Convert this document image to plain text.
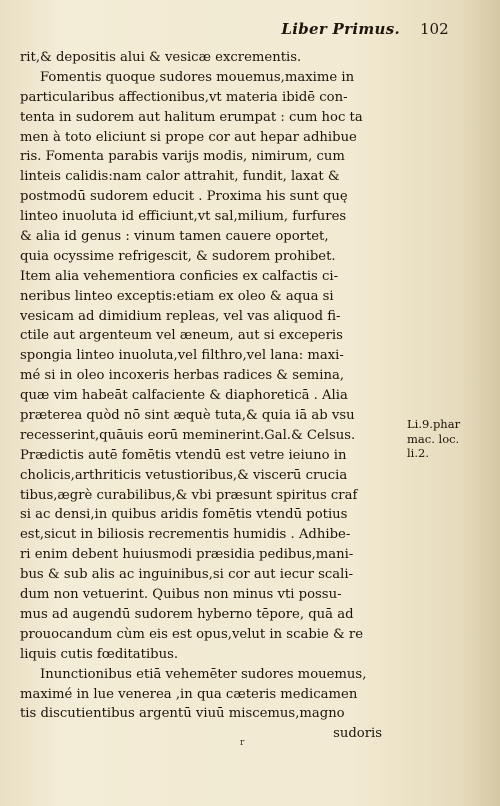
Liber Primus. 102
rit,& depositis alui & vesicæ excrementis.
Fomentis quoque sudores mouemus,maxime in
particularibus affectionibus,vt materia ibidē con-
tenta in sudorem aut halitum erumpat : cum hoc ta
men à toto eliciunt si prope cor aut hepar adhibue
ris. Fomenta parabis varijs modis, nimirum, cum
linteis calidis:nam calor attrahit, fundit, laxat &
postmodū sudorem educit . Proxima his sunt quę
linteo inuoluta id efficiunt,vt sal,milium, furfures
& alia id genus : vinum tamen cauere oportet,
quia ocyssime refrigescit, & sudorem prohibet.
Item alia vehementiora conficies ex calfactis ci-
neribus linteo exceptis:etiam ex oleo & aqua si
vesicam ad dimidium repleas, vel vas aliquod fi-
ctile aut argenteum vel æneum, aut si exceperis
spongia linteo inuoluta,vel filthro,vel lana: maxi-
mé si in oleo incoxeris herbas radices & semina,
quæ vim habeāt calfaciente & diaphoreticā . Alia
præterea quòd nō sint æquè tuta,& quia iā ab vsu
recesserint,quāuis eorū meminerint.Gal.& Celsus.
Prædictis autē fomētis vtendū est vetre ieiuno in
cholicis,arthriticis vetustioribus,& viscerū crucia
tibus,ægrè curabilibus,& vbi præsunt spiritus craf
si ac densi,in quibus aridis fomētis vtendū potius
est,sicut in biliosis recrementis humidis . Adhibe-
ri enim debent huiusmodi præsidia pedibus,mani-
bus & sub alis ac inguinibus,si cor aut iecur scali-
dum non vetuerint. Quibus non minus vti possu-
mus ad augendū sudorem hyberno tēpore, quā ad
prouocandum cùm eis est opus,velut in scabie & re
liquis cutis fœditatibus.
Inunctionibus etiā vehemēter sudores mouemus,
maximé in lue venerea ,in qua cæteris medicamen
tis discutientibus argentū viuū miscemus,magno
sudoris
Li.9.phar
mac. loc.
li.2.
r
